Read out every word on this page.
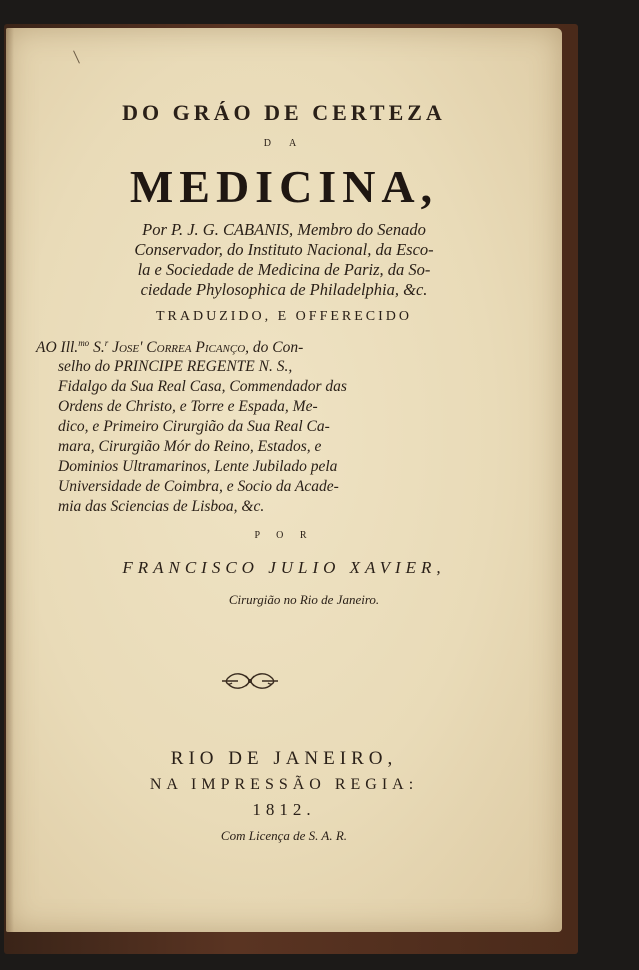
DO GRÁO DE CERTEZA
D A
MEDICINA,
Por P. J. G. CABANIS, Membro do Senado
Conservador, do Instituto Nacional, da Esco-
la e Sociedade de Medicina de Pariz, da So-
ciedade Phylosophica de Philadelphia, &c.
TRADUZIDO, E OFFERECIDO
AO Ill.$^{mo}$ S.$^r$ Jose' Correa Picanço, do Con-
selho do PRINCIPE REGENTE N. S.,
Fidalgo da Sua Real Casa, Commendador das
Ordens de Christo, e Torre e Espada, Me-
dico, e Primeiro Cirurgião da Sua Real Ca-
mara, Cirurgião Mór do Reino, Estados, e
Dominios Ultramarinos, Lente Jubilado pela
Universidade de Coimbra, e Socio da Acade-
mia das Sciencias de Lisboa, &c.
P O R
FRANCISCO JULIO XAVIER,
Cirurgião no Rio de Janeiro.
RIO DE JANEIRO,
NA IMPRESSÃO REGIA:
1812.
Com Licença de S. A. R.
